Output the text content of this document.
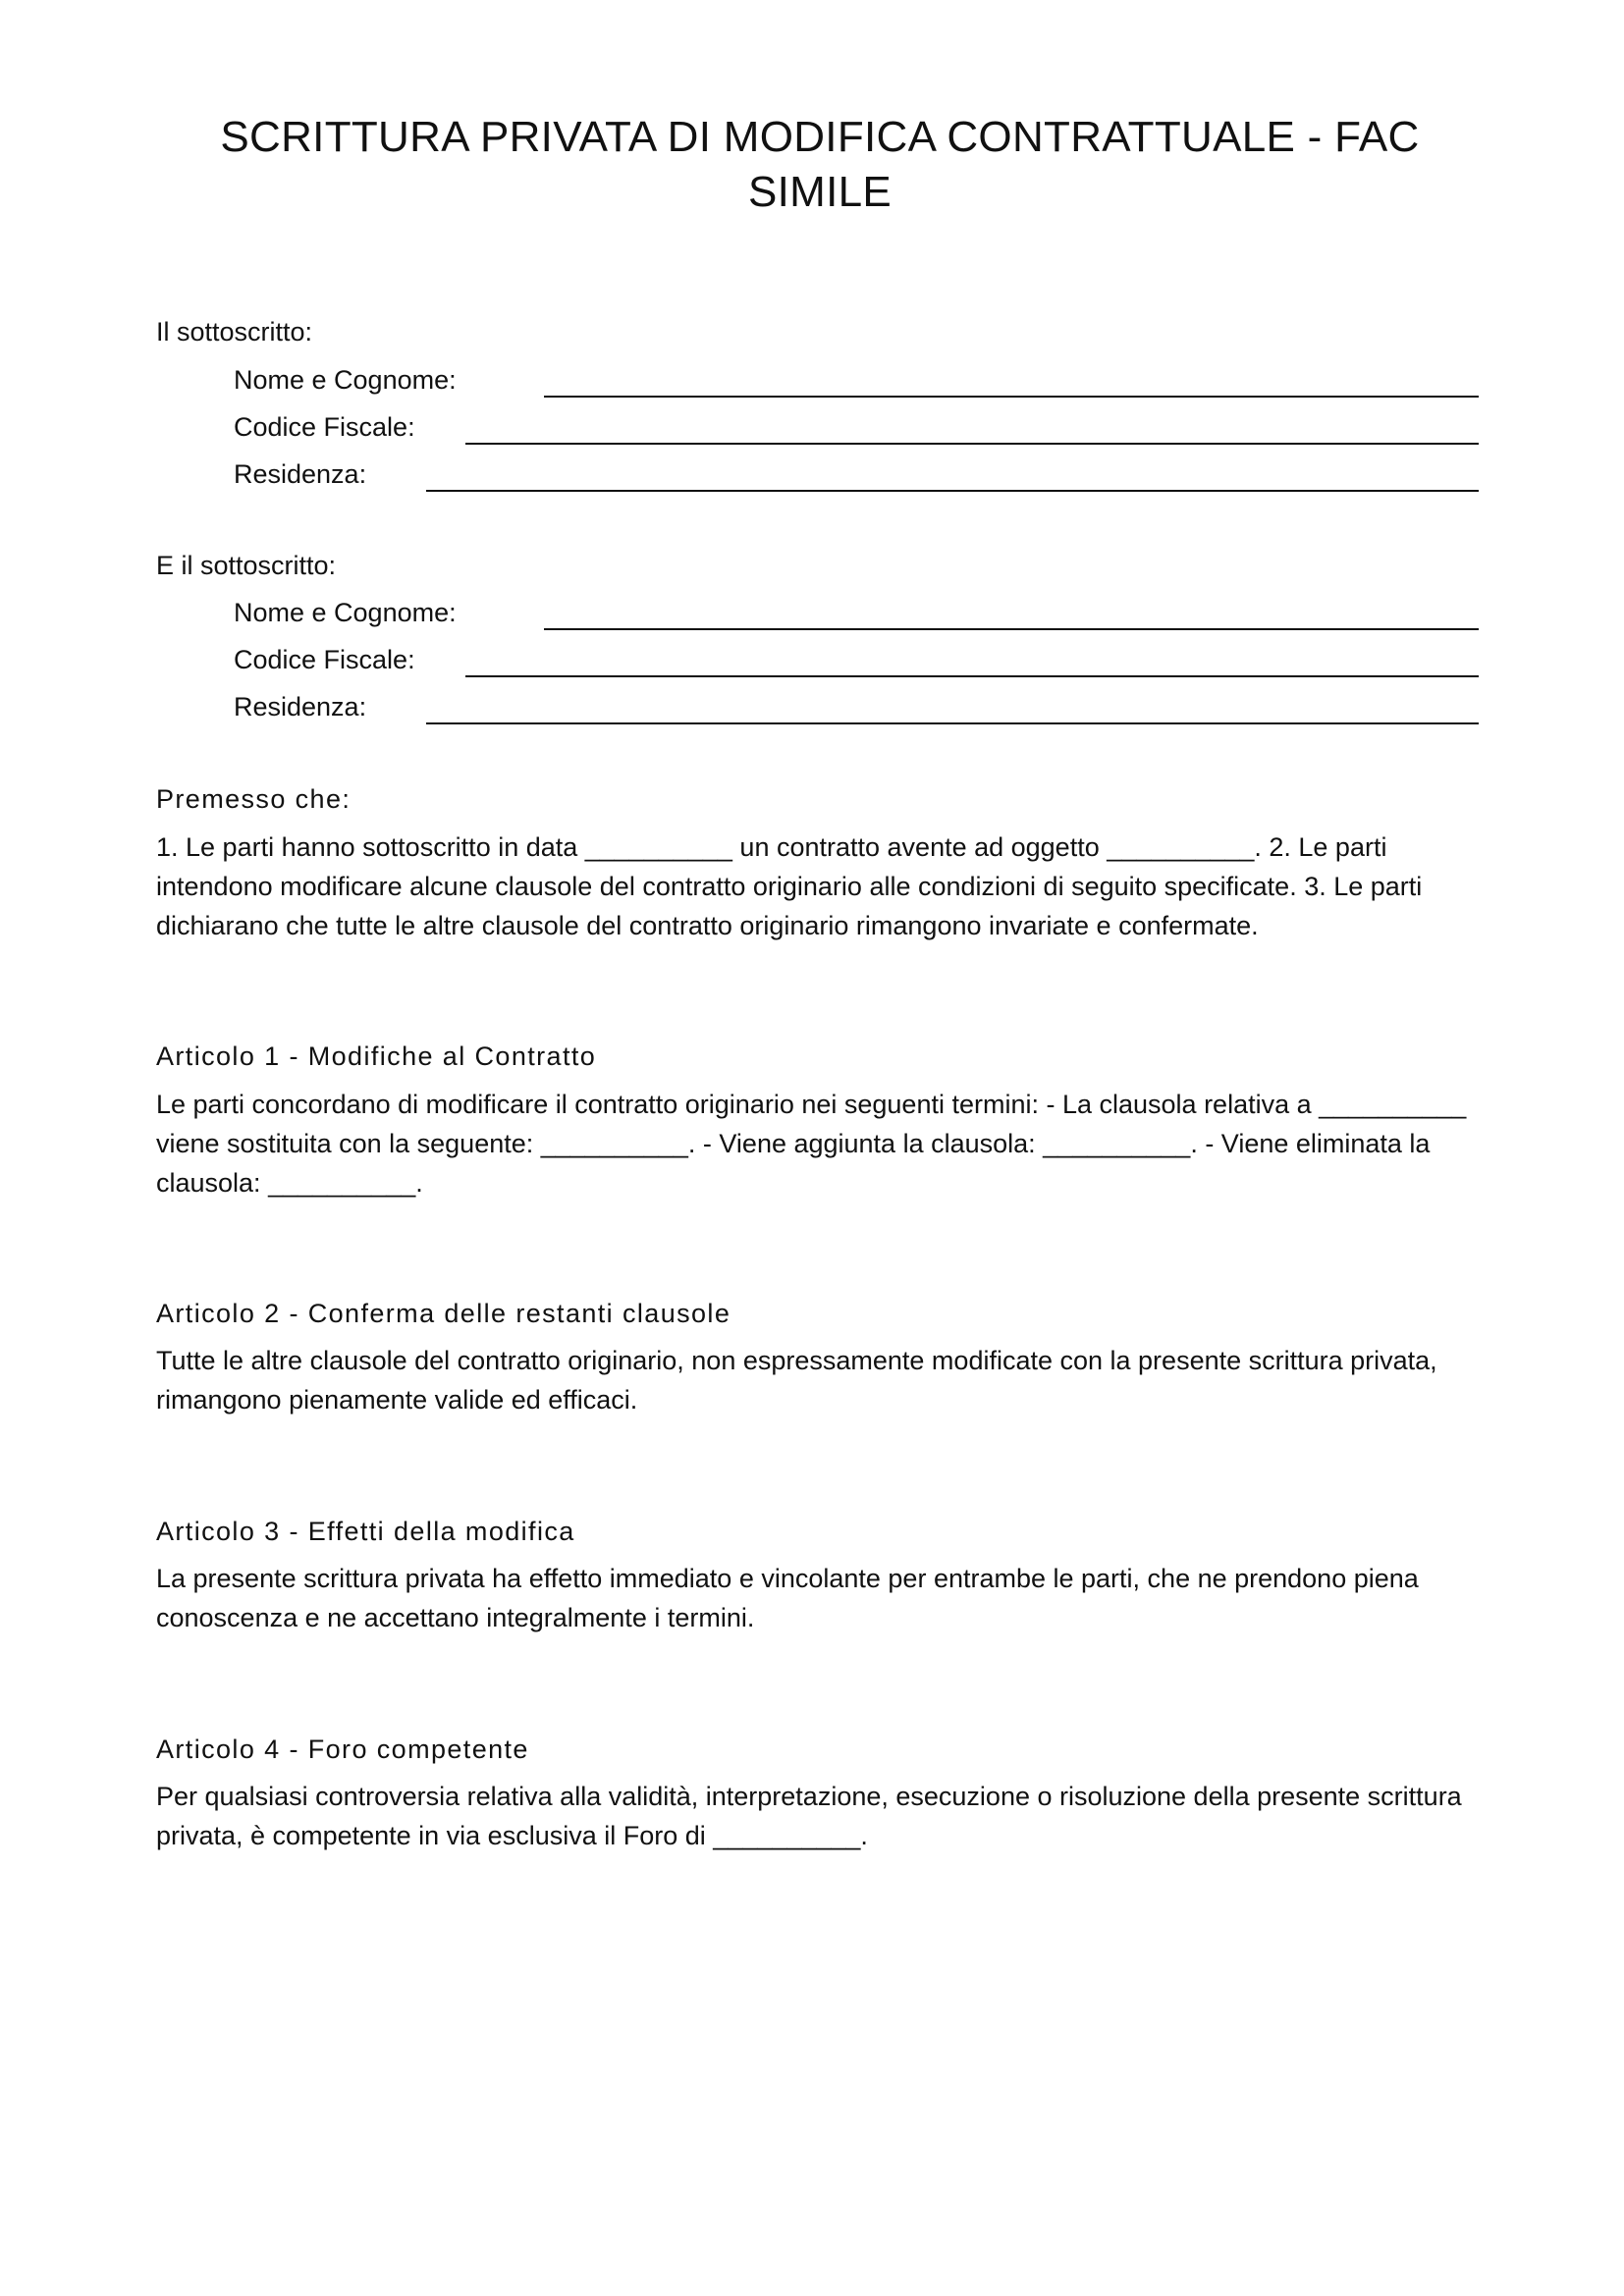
SCRITTURA PRIVATA DI MODIFICA CONTRATTUALE - FAC SIMILE
Il sottoscritto:
Nome e Cognome:
Codice Fiscale:
Residenza:
E il sottoscritto:
Nome e Cognome:
Codice Fiscale:
Residenza:
Premesso che:

1. Le parti hanno sottoscritto in data __________ un contratto avente ad oggetto __________. 2. Le parti intendono modificare alcune clausole del contratto originario alle condizioni di seguito specificate. 3. Le parti dichiarano che tutte le altre clausole del contratto originario rimangono invariate e confermate.

Articolo 1 - Modifiche al Contratto

Le parti concordano di modificare il contratto originario nei seguenti termini: - La clausola relativa a __________ viene sostituita con la seguente: __________. - Viene aggiunta la clausola: __________. - Viene eliminata la clausola: __________.

Articolo 2 - Conferma delle restanti clausole

Tutte le altre clausole del contratto originario, non espressamente modificate con la presente scrittura privata, rimangono pienamente valide ed efficaci.

Articolo 3 - Effetti della modifica

La presente scrittura privata ha effetto immediato e vincolante per entrambe le parti, che ne prendono piena conoscenza e ne accettano integralmente i termini.

Articolo 4 - Foro competente

Per qualsiasi controversia relativa alla validità, interpretazione, esecuzione o risoluzione della presente scrittura privata, è competente in via esclusiva il Foro di __________.
